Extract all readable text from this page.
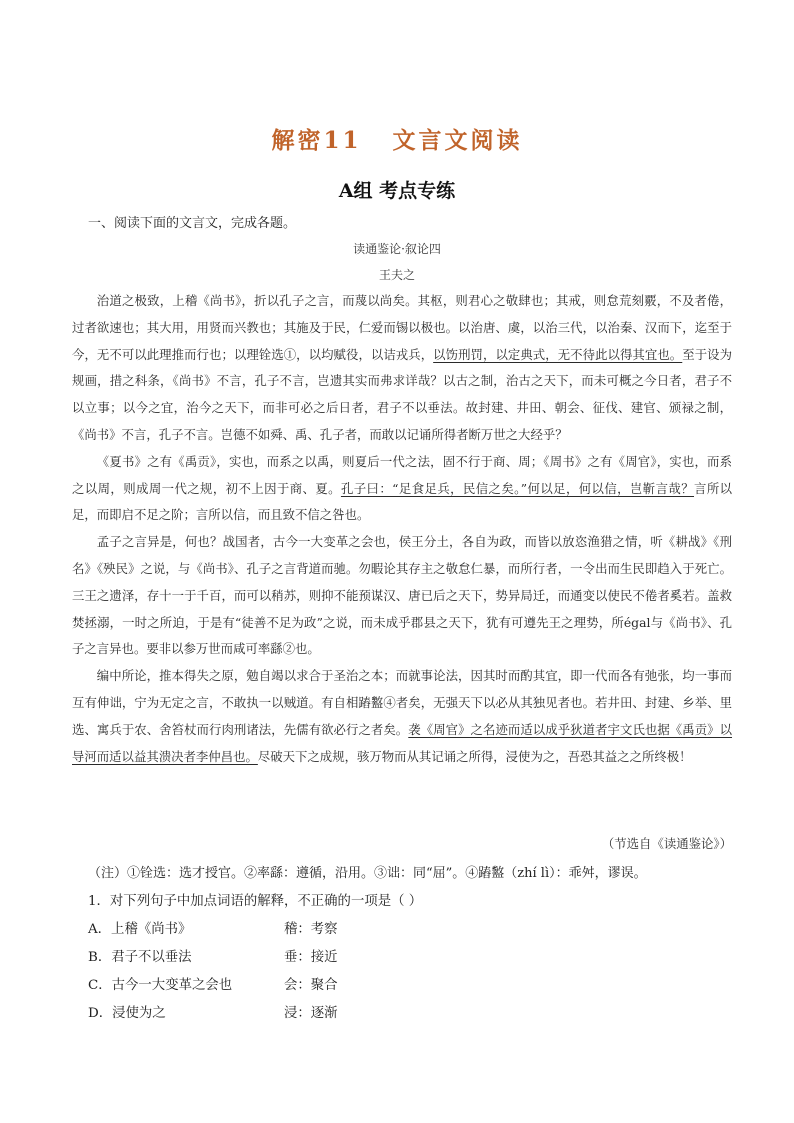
解密11 文言文阅读
A组 考点专练
一、阅读下面的文言文，完成各题。
读通鉴论·叙论四
王夫之

治道之极致，上稽《尚书》，折以孔子之言，而蔑以尚矣。其枢，则君心之敬肆也；其戒，则怠荒刻覈，不及者倦，过者欲速也；其大用，用贤而兴教也；其施及于民，仁爱而锡以极也。以治唐、虞，以治三代，以治秦、汉而下，迄至于今，无不可以此理推而行也；以理铨选①，以均赋役，以诘戎兵，以饬刑罚，以定典式，无不待此以得其宜也。至于设为规画，措之科条，《尚书》不言，孔子不言，岂遗其实而弗求详哉？以古之制，治古之天下，而未可概之今日者，君子不以立事；以今之宜，治今之天下，而非可必之后日者，君子不以垂法。故封建、井田、朝会、征伐、建官、颁禄之制，《尚书》不言，孔子不言。岂德不如舜、禹、孔子者，而敢以记诵所得者断万世之大经乎？

《夏书》之有《禹贡》，实也，而系之以禹，则夏后一代之法，固不行于商、周；《周书》之有《周官》，实也，而系之以周，则成周一代之规，初不上因于商、夏。孔子曰：“足食足兵，民信之矣。”何以足，何以信，岂靳言哉？言所以足，而即启不足之阶；言所以信，而且致不信之咎也。

孟子之言异是，何也？战国者，古今一大变革之会也，侯王分土，各自为政，而皆以放恣渔猎之情，听《耕战》《刑名》《殃民》之说，与《尚书》、孔子之言背道而驰。勿暇论其存主之敬怠仁暴，而所行者，一令出而生民即趋入于死亡。三王之遗泽，存十一于千百，而可以稍苏，则抑不能预谋汉、唐已后之天下，势异局迁，而通变以使民不倦者奚若。盖救焚拯溺，一时之所迫，于是有“徒善不足为政”之说，而未成乎郡县之天下，犹有可遵先王之理势，所égal与《尚书》、孔子之言异也。要非以参万世而咸可率繇②也。

编中所论，推本得失之原，勉自竭以求合于圣治之本；而就事论法，因其时而酌其宜，即一代而各有弛张，均一事而互有伸诎，宁为无定之言，不敢执一以贼道。有自相蹖盭④者矣，无强天下以必从其独见者也。若井田、封建、乡举、里选、寓兵于农、舍笞杖而行肉刑诸法，先儒有欲必行之者矣。袭《周官》之名迹而适以成乎狄道者宇文氏也据《禹贡》以导河而适以益其溃决者李仲昌也。尽破天下之成规，骇万物而从其记诵之所得，浸使为之，吾恐其益之之所终极！

（节选自《读通鉴论》）
（注）①铨选：选才授官。②率繇：遵循，沿用。③诎：同“屈”。④蹖盭（zhí lì）：乖舛，谬误。
1．对下列句子中加点词语的解释，不正确的一项是（ ）
A．上稽《尚书》	稽：考察
B．君子不以垂法	垂：接近
C．古今一大变革之会也	会：聚合
D．浸使为之	浸：逐渐
